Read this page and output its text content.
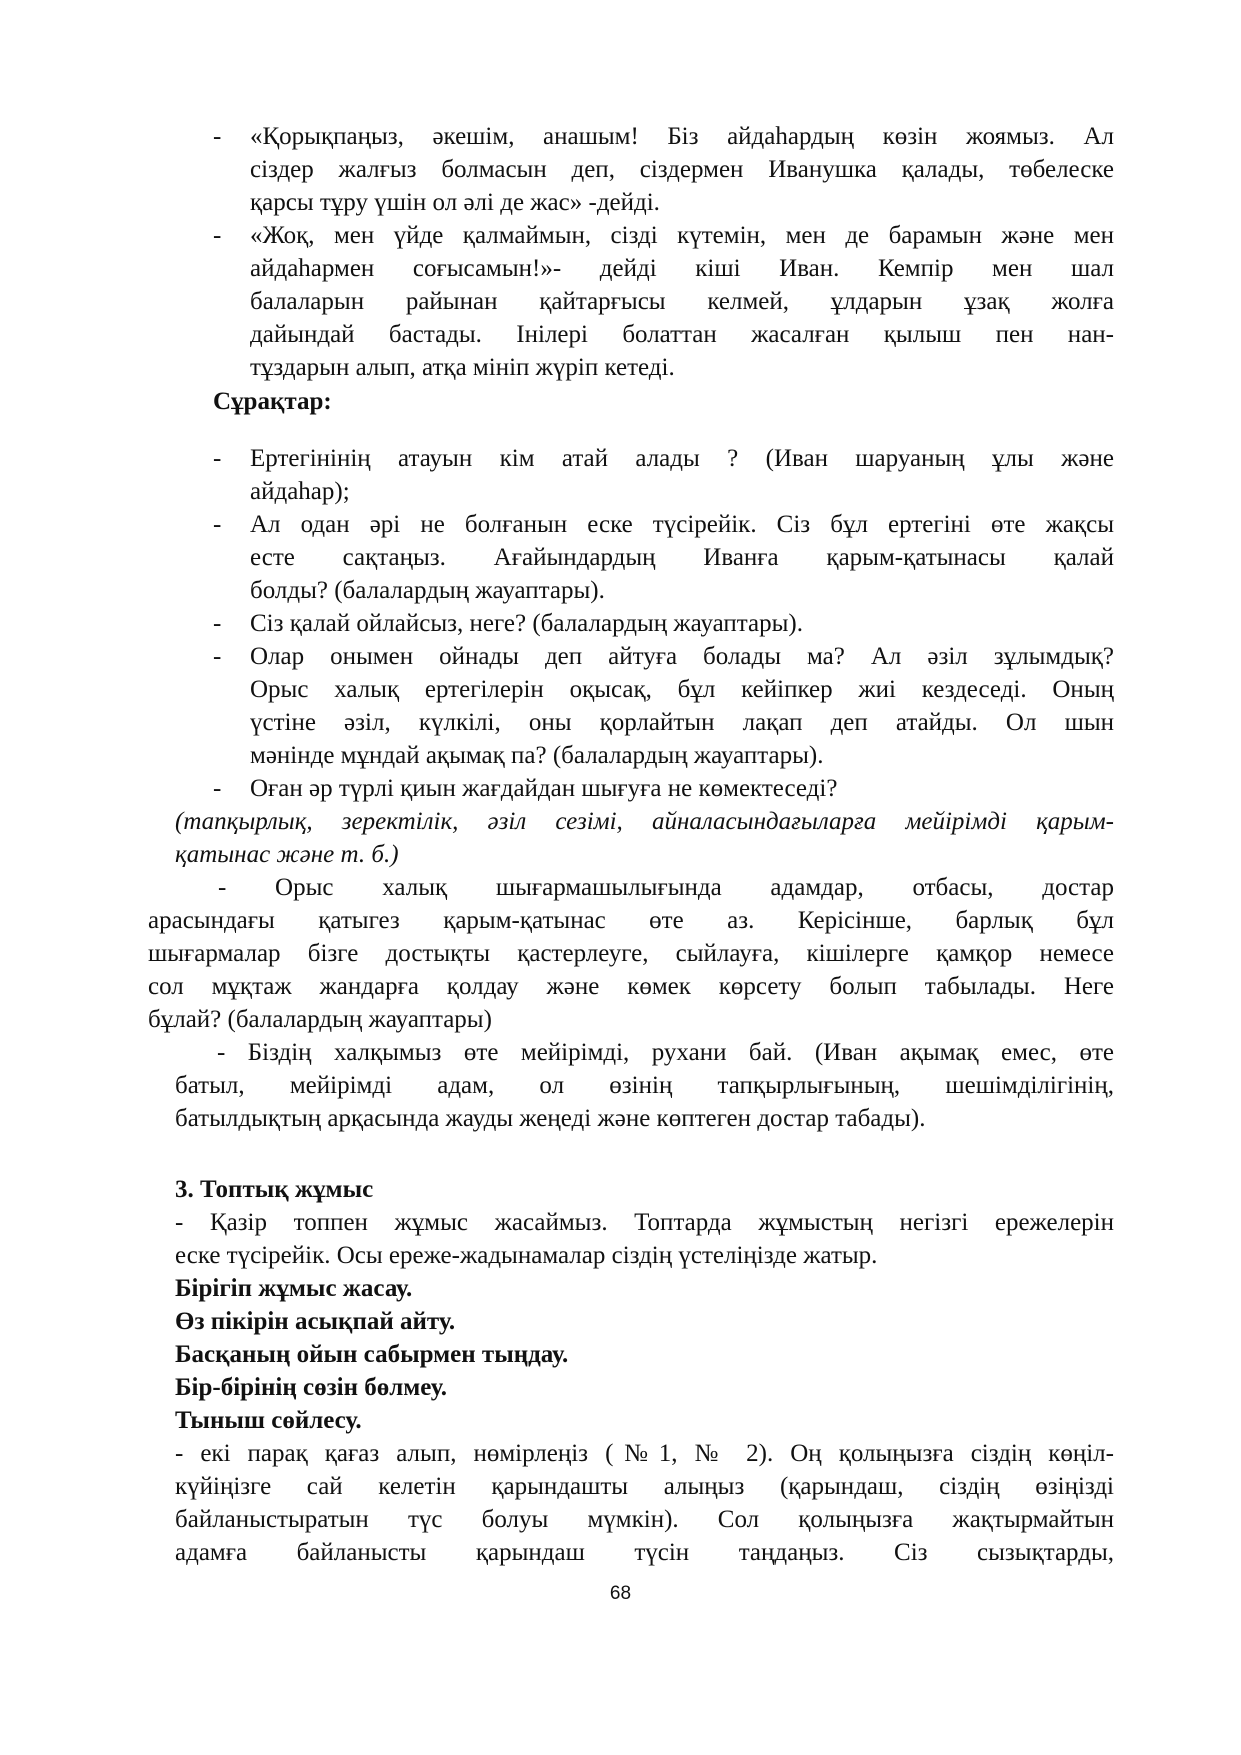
- «Қорықпаңыз, әкешім, анашым! Біз айдаһардың көзін жоямыз. Ал
сіздер жалғыз болмасын деп, сіздермен Иванушка қалады, төбелеске
қарсы тұру үшін ол әлі де жас» -дейді.
- «Жоқ, мен үйде қалмаймын, сізді күтемін, мен де барамын және мен
айдаһармен соғысамын!»- дейді кіші Иван. Кемпір мен шал
балаларын райынан қайтарғысы келмей, ұлдарын ұзақ жолға
дайындай бастады. Інілері болаттан жасалған қылыш пен нан-
тұздарын алып, атқа мініп жүріп кетеді.
Сұрақтар:
- Ертегінінің атауын кім атай алады ? (Иван шаруаның ұлы және
айдаһар);
- Ал одан әрі не болғанын еске түсірейік. Сіз бұл ертегіні өте жақсы
есте сақтаңыз. Ағайындардың Иванға қарым-қатынасы қалай
болды? (балалардың жауаптары).
- Сіз қалай ойлайсыз, неге? (балалардың жауаптары).
- Олар онымен ойнады деп айтуға болады ма? Ал әзіл зұлымдық?
Орыс халық ертегілерін оқысақ, бұл кейіпкер жиі кездеседі. Оның
үстіне әзіл, күлкілі, оны қорлайтын лақап деп атайды. Ол шын
мәнінде мұндай ақымақ па? (балалардың жауаптары).
- Оған әр түрлі қиын жағдайдан шығуға не көмектеседі?
(тапқырлық, зеректілік, әзіл сезімі, айналасындағыларға мейірімді қарым-
қатынас және т. б.)
- Орыс халық шығармашылығында адамдар, отбасы, достар
арасындағы қатыгез қарым-қатынас өте аз. Керісінше, барлық бұл
шығармалар бізге достықты қастерлеуге, сыйлауға, кішілерге қамқор немесе
сол мұқтаж жандарға қолдау және көмек көрсету болып табылады. Неге
бұлай? (балалардың жауаптары)
- Біздің халқымыз өте мейірімді, рухани бай. (Иван ақымақ емес, өте
батыл, мейірімді адам, ол өзінің тапқырлығының, шешімділігінің,
батылдықтың арқасында жауды жеңеді және көптеген достар табады).
3. Топтық жұмыс
- Қазір топпен жұмыс жасаймыз. Топтарда жұмыстың негізгі ережелерін
еске түсірейік. Осы ереже-жадынамалар сіздің үстеліңізде жатыр.
Бірігіп жұмыс жасау.
Өз пікірін асықпай айту.
Басқаның ойын сабырмен тыңдау.
Бір-бірінің сөзін бөлмеу.
Тыныш сөйлесу.
- екі парақ қағаз алып, нөмірлеңіз (№1, № 2). Оң қолыңызға сіздің көңіл-
күйіңізге сай келетін қарындашты алыңыз (қарындаш, сіздің өзіңізді
байланыстыратын түс болуы мүмкін). Сол қолыңызға жақтырмайтын
адамға байланысты қарындаш түсін таңдаңыз. Сіз сызықтарды,
68
